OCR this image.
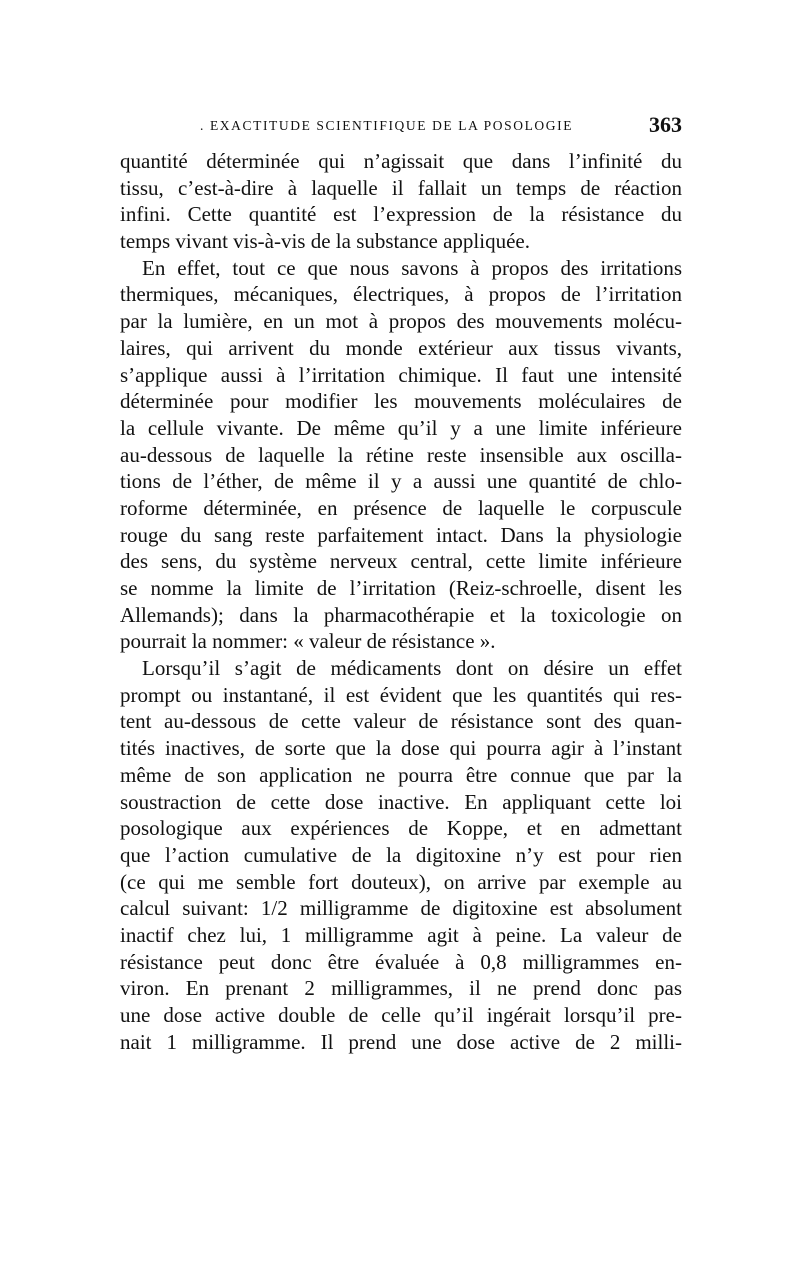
. EXACTITUDE SCIENTIFIQUE DE LA POSOLOGIE	363
quantité déterminée qui n’agissait que dans l’infinité du
tissu, c’est-à-dire à laquelle il fallait un temps de réaction
infini. Cette quantité est l’expression de la résistance du
temps vivant vis-à-vis de la substance appliquée.
En effet, tout ce que nous savons à propos des irritations
thermiques, mécaniques, électriques, à propos de l’irritation
par la lumière, en un mot à propos des mouvements molécu-
laires, qui arrivent du monde extérieur aux tissus vivants,
s’applique aussi à l’irritation chimique. Il faut une intensité
déterminée pour modifier les mouvements moléculaires de
la cellule vivante. De même qu’il y a une limite inférieure
au-dessous de laquelle la rétine reste insensible aux oscilla-
tions de l’éther, de même il y a aussi une quantité de chlo-
roforme déterminée, en présence de laquelle le corpuscule
rouge du sang reste parfaitement intact. Dans la physiologie
des sens, du système nerveux central, cette limite inférieure
se nomme la limite de l’irritation (Reiz-schroelle, disent les
Allemands); dans la pharmacothérapie et la toxicologie on
pourrait la nommer: « valeur de résistance ».
Lorsqu’il s’agit de médicaments dont on désire un effet
prompt ou instantané, il est évident que les quantités qui res-
tent au-dessous de cette valeur de résistance sont des quan-
tités inactives, de sorte que la dose qui pourra agir à l’instant
même de son application ne pourra être connue que par la
soustraction de cette dose inactive. En appliquant cette loi
posologique aux expériences de Koppe, et en admettant
que l’action cumulative de la digitoxine n’y est pour rien
(ce qui me semble fort douteux), on arrive par exemple au
calcul suivant: 1/2 milligramme de digitoxine est absolument
inactif chez lui, 1 milligramme agit à peine. La valeur de
résistance peut donc être évaluée à 0,8 milligrammes en-
viron. En prenant 2 milligrammes, il ne prend donc pas
une dose active double de celle qu’il ingérait lorsqu’il pre-
nait 1 milligramme. Il prend une dose active de 2 milli-
